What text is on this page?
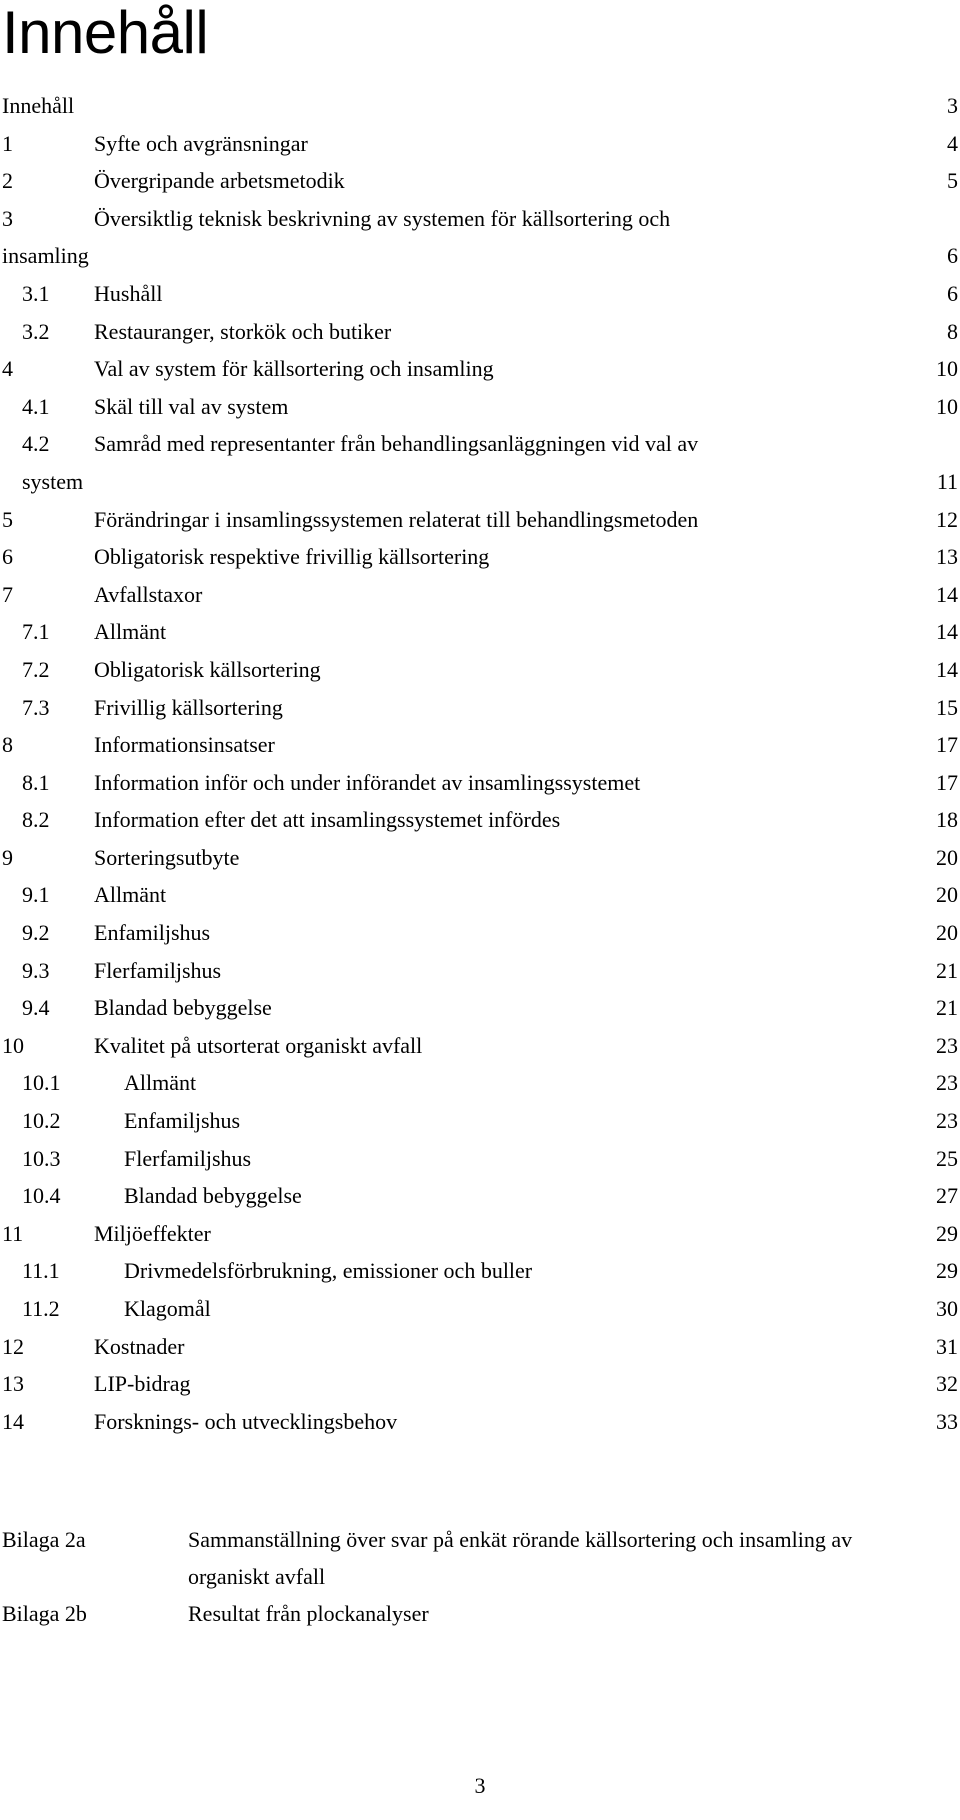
Innehåll
Innehåll	3
1	Syfte och avgränsningar	4
2	Övergripande arbetsmetodik	5
3	Översiktlig teknisk beskrivning av systemen för källsortering och
insamling	6
3.1 Hushåll	6
3.2 Restauranger, storkök och butiker	8
4	Val av system för källsortering och insamling	10
4.1 Skäl till val av system	10
4.2 Samråd med representanter från behandlingsanläggningen vid val av
system	11
5	Förändringar i insamlingssystemen relaterat till behandlingsmetoden	12
6	Obligatorisk respektive frivillig källsortering	13
7	Avfallstaxor	14
7.1 Allmänt	14
7.2 Obligatorisk källsortering	14
7.3 Frivillig källsortering	15
8	Informationsinsatser	17
8.1 Information inför och under införandet av insamlingssystemet	17
8.2 Information efter det att insamlingssystemet infördes	18
9	Sorteringsutbyte	20
9.1 Allmänt	20
9.2 Enfamiljshus	20
9.3 Flerfamiljshus	21
9.4 Blandad bebyggelse	21
10	Kvalitet på utsorterat organiskt avfall	23
10.1	Allmänt	23
10.2	Enfamiljshus	23
10.3	Flerfamiljshus	25
10.4	Blandad bebyggelse	27
11	Miljöeffekter	29
11.1	Drivmedelsförbrukning, emissioner och buller	29
11.2	Klagomål	30
12	Kostnader	31
13	LIP-bidrag	32
14	Forsknings- och utvecklingsbehov	33
Bilaga 2a	Sammanställning över svar på enkät rörande källsortering och insamling av organiskt avfall
Bilaga 2b	Resultat från plockanalyser
3
